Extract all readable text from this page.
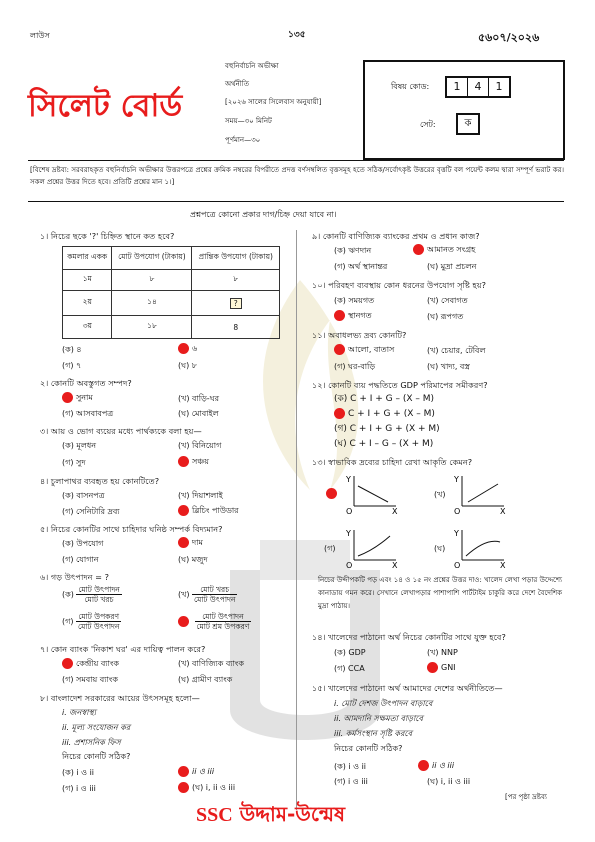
লাউস	১৩৫	৫৬০৭/২০২৬
সিলেট বোর্ড
বহুনির্বাচনি অভীক্ষা
অর্থনীতি
[২০২৬ সালের সিলেবাস অনুযায়ী]
সময়—৩০ মিনিট
পূর্ণমান—৩০
বিষয় কোড:	1	4	1
সেট:	ক
[বিশেষ দ্রষ্টব্য: সরবরাহকৃত বহুনির্বাচনি অভীক্ষার উত্তরপত্রে প্রশ্নের ক্রমিক নম্বরের বিপরীতে প্রদত্ত বর্ণসম্বলিত বৃত্তসমূহ হতে সঠিক/সর্বোৎকৃষ্ট উত্তরের বৃত্তটি বল পয়েন্ট কলম দ্বারা সম্পূর্ণ ভরাট কর। সকল প্রশ্নের উত্তর দিতে হবে। প্রতিটি প্রশ্নের মান ১।]
প্রশ্নপত্রে কোনো প্রকার দাগ/চিহ্ন দেয়া যাবে না।
১। নিচের ছকে '?' চিহ্নিত স্থানে কত হবে?
কমলার একক	মোট উপযোগ (টাকায়)	প্রান্তিক উপযোগ (টাকায়)
১ম	৮	৮
২য়	১৪	?
৩য়	১৮	8
(ক) ৪	৬
(গ) ৭	(ঘ) ৮
২। কোনটি অবস্তুগত সম্পদ?
সুনাম	(খ) বাড়ি-ঘর
(গ) আসবাবপত্র	(ঘ) মোবাইল
৩। আয় ও ভোগ ব্যয়ের মধ্যে পার্থক্যকে বলা হয়—
(ক) মূলধন	(খ) বিনিয়োগ
(গ) সুদ	সঞ্চয়
৪। চুলাপাথর ব্যবহৃত হয় কোনটিতে?
(ক) বাসনপত্র	(খ) দিয়াশলাই
(গ) সেনিটারি দ্রব্য	ব্লিচিং পাউডার
৫। নিচের কোনটির সাথে চাহিদার ঘনিষ্ঠ সম্পর্ক বিদ্যমান?
(ক) উপযোগ	দাম
(গ) যোগান	(ঘ) মজুদ
৬। গড় উৎপাদন = ?
(ক) $\frac{\text{মোট উৎপাদন}}{\text{মোট খরচ}}$	(খ) $\frac{\text{মোট খরচ}}{\text{মোট উৎপাদন}}$
(গ) $\frac{\text{মোট উপকরণ}}{\text{মোট উৎপাদন}}$
	$\frac{\text{মোট উৎপাদন}}{\text{মোট শ্রম উপকরণ}}$
৭। কোন ব্যাংক 'নিকাশ ঘর' এর দায়িত্ব পালন করে?
কেন্দ্রীয় ব্যাংক	(খ) বাণিজ্যিক ব্যাংক
(গ) সমবায় ব্যাংক	(ঘ) গ্রামীণ ব্যাংক
৮। বাংলাদেশ সরকারের আয়ের উৎসসমূহ হলো—
i. জনস্বাস্থ্য
ii. মূল্য সংযোজন কর
iii. প্রশাসনিক ফিস
নিচের কোনটি সঠিক?
(ক) i ও ii	ii ও iii
(গ) i ও iii	(ঘ) i, ii ও iii
৯। কোনটি বাণিজ্যিক ব্যাংকের প্রথম ও প্রধান কাজ?
(ক) ঋণদান	আমানত সংগ্রহ
(গ) অর্থ স্থানান্তর	(ঘ) মুদ্রা প্রচলন
১০। পরিবহণ ব্যবস্থায় কোন ধরনের উপযোগ সৃষ্টি হয়?
(ক) সময়গত	(খ) সেবাগত
স্থানগত	(ঘ) রূপগত
১১। অবাধলভ্য দ্রব্য কোনটি?
আলো, বাতাস	(খ) চেয়ার, টেবিল
(গ) ঘর-বাড়ি	(ঘ) খাদ্য, বস্ত্র
১২। কোনটি ব্যয় পদ্ধতিতে GDP পরিমাপের সমীকরণ?
(ক) C + I + G – (X – M)
C + I + G + (X – M)
(গ) C + I + G + (X + M)
(ঘ) C + I – G – (X + M)
১৩। স্বাভাবিক দ্রব্যের চাহিদা রেখা আকৃতি কেমন?
Y
O	X
(খ)
Y
O	X
(গ)
Y
O	X
(ঘ)
Y
O	X
নিচের উদ্দীপকটি পড় এবং ১৪ ও ১৫ নং প্রশ্নের উত্তর দাও: খালেদ লেখা পড়ার উদ্দেশ্যে কানাডায় গমন করে। সেখানে লেখাপড়ার পাশাপাশি পার্টটাইম চাকুরি করে দেশে বৈদেশিক মুদ্রা পাঠায়।
১৪। খালেদের পাঠানো অর্থ নিচের কোনটির সাথে যুক্ত হবে?
(ক) GDP	(খ) NNP
(গ) CCA	GNI
১৫। খালেদের পাঠানো অর্থ আমাদের দেশের অর্থনীতিতে—
i. মোট দেশজ উৎপাদন বাড়াবে
ii. আমদানি সক্ষমতা বাড়াবে
iii. কর্মসংস্থান সৃষ্টি করবে
নিচের কোনটি সঠিক?
(ক) i ও ii	ii ও iii
(গ) i ও iii	(ঘ) i, ii ও iii
[পর পৃষ্ঠা দ্রষ্টব্য
SSC উদ্দাম-উন্মেষ
